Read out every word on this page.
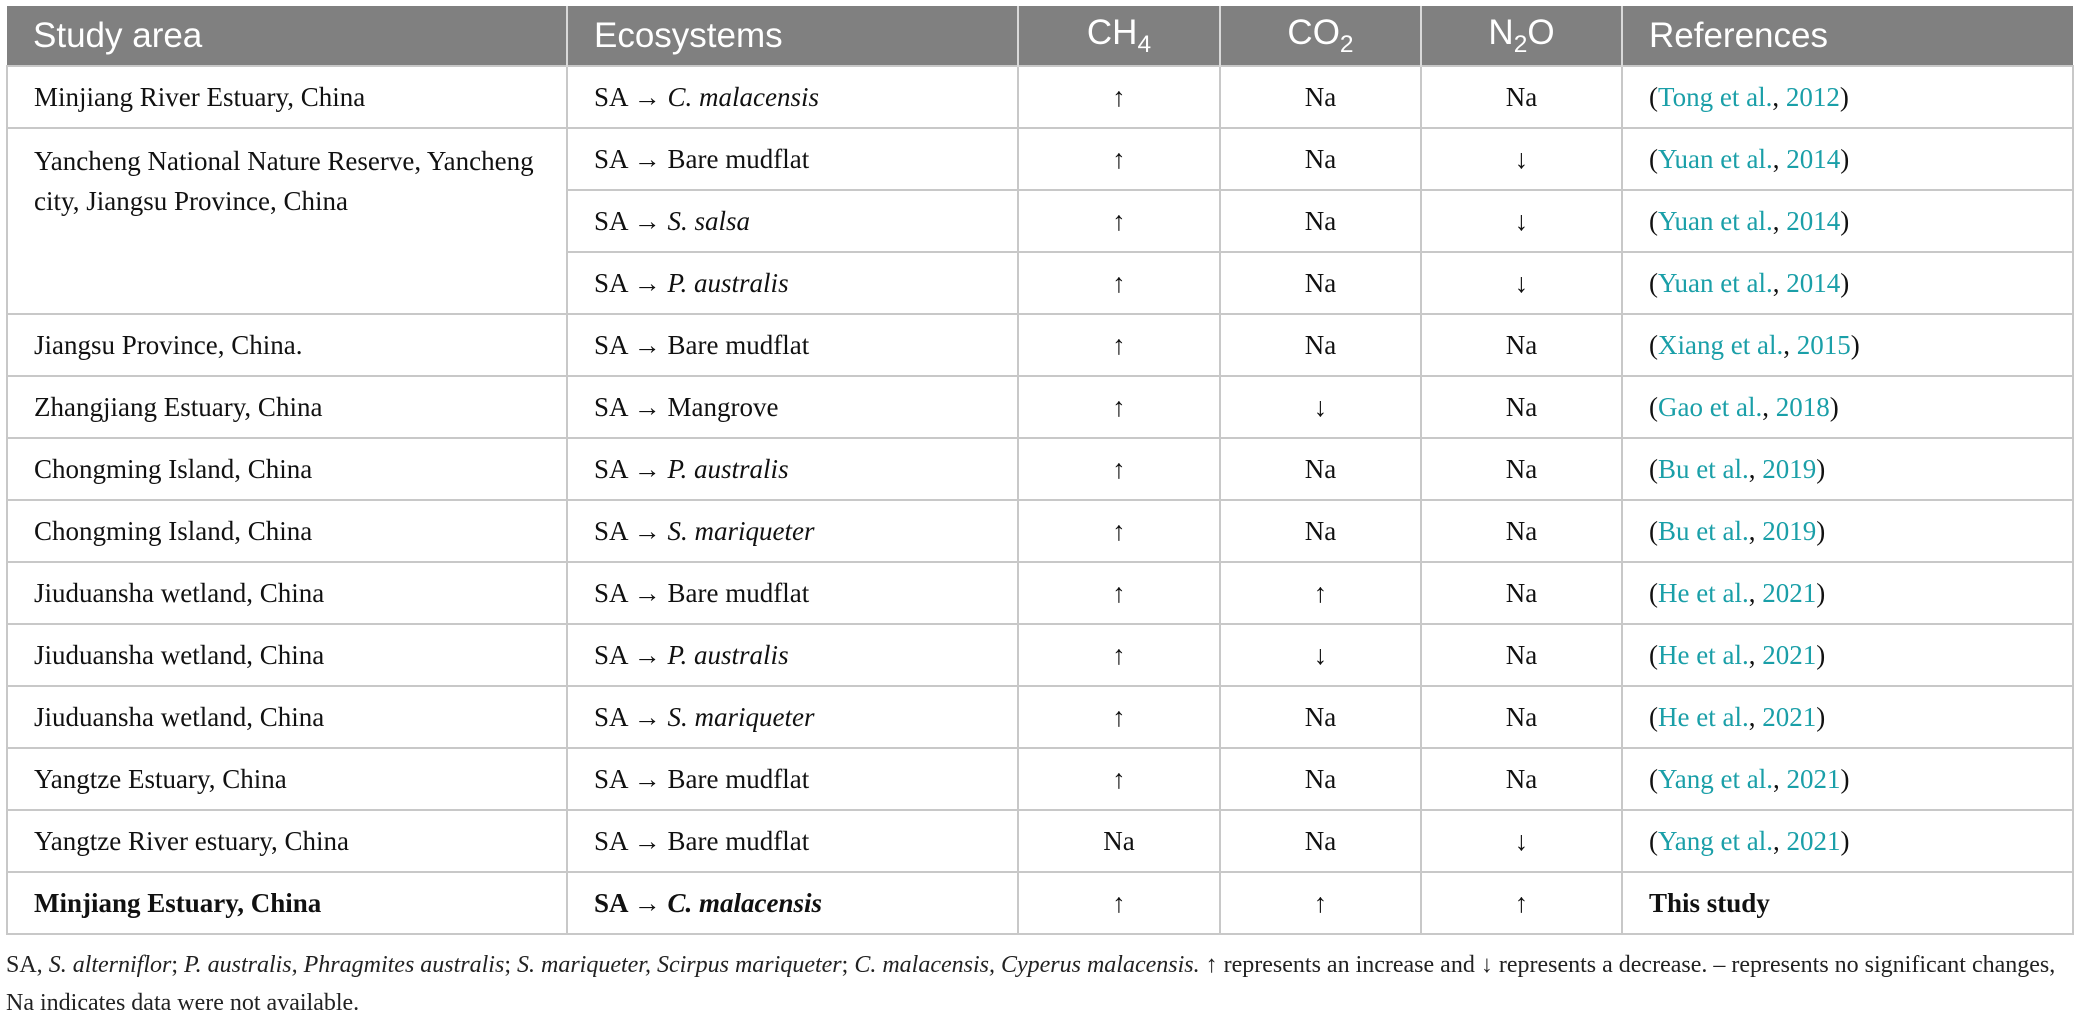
Study area	Ecosystems	$CH_4$	$CO_2$	$N_2O$	References
Minjiang River Estuary, China	SA → C. malacensis	↑	Na	Na	(Tong et al., 2012)
Yancheng National Nature Reserve, Yancheng city, Jiangsu Province, China	SA → Bare mudflat	↑	Na	↓	(Yuan et al., 2014)
	SA → S. salsa	↑	Na	↓	(Yuan et al., 2014)
	SA → P. australis	↑	Na	↓	(Yuan et al., 2014)
Jiangsu Province, China.	SA → Bare mudflat	↑	Na	Na	(Xiang et al., 2015)
Zhangjiang Estuary, China	SA → Mangrove	↑	↓	Na	(Gao et al., 2018)
Chongming Island, China	SA → P. australis	↑	Na	Na	(Bu et al., 2019)
Chongming Island, China	SA → S. mariqueter	↑	Na	Na	(Bu et al., 2019)
Jiuduansha wetland, China	SA → Bare mudflat	↑	↑	Na	(He et al., 2021)
Jiuduansha wetland, China	SA → P. australis	↑	↓	Na	(He et al., 2021)
Jiuduansha wetland, China	SA → S. mariqueter	↑	Na	Na	(He et al., 2021)
Yangtze Estuary, China	SA → Bare mudflat	↑	Na	Na	(Yang et al., 2021)
Yangtze River estuary, China	SA → Bare mudflat	Na	Na	↓	(Yang et al., 2021)
Minjiang Estuary, China	SA → C. malacensis	↑	↑	↑	This study
SA, S. alterniflor; P. australis, Phragmites australis; S. mariqueter, Scirpus mariqueter; C. malacensis, Cyperus malacensis. ↑ represents an increase and ↓ represents a decrease. – represents no significant changes, Na indicates data were not available.
